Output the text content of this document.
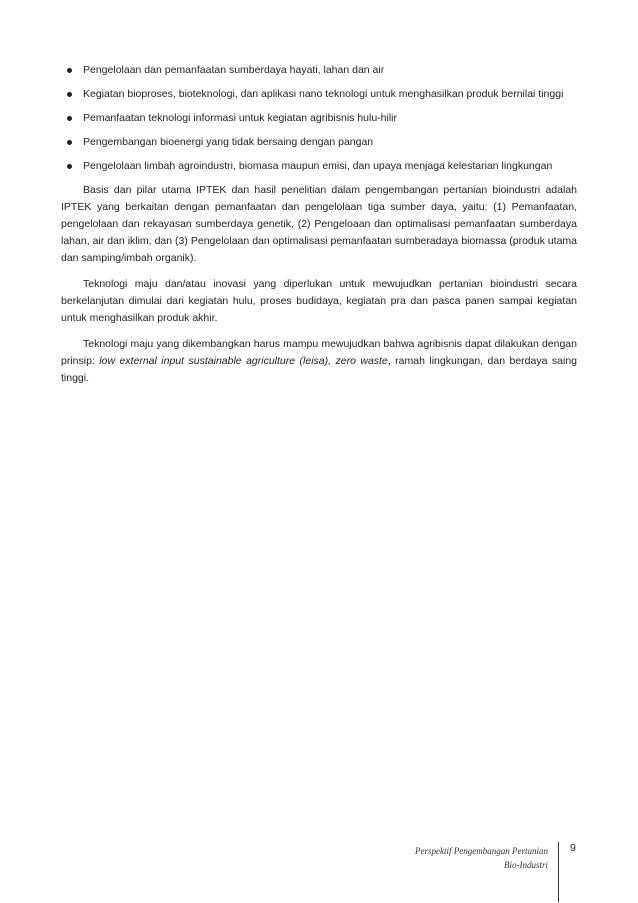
Pengelolaan dan pemanfaatan sumberdaya hayati, lahan dan air
Kegiatan bioproses, bioteknologi, dan aplikasi nano teknologi untuk menghasilkan produk bernilai tinggi
Pemanfaatan teknologi informasi untuk kegiatan agribisnis hulu-hilir
Pengembangan bioenergi yang tidak bersaing dengan pangan
Pengelolaan limbah agroindustri, biomasa maupun emisi, dan upaya menjaga kelestarian lingkungan

Basis dan pilar utama IPTEK dan hasil penelitian dalam pengembangan pertanian bioindustri adalah IPTEK yang berkaitan dengan pemanfaatan dan pengelolaan tiga sumber daya, yaitu: (1) Pemanfaatan, pengelolaan dan rekayasan sumberdaya genetik, (2) Pengeloaan dan optimalisasi pemanfaatan sumberdaya lahan, air dan iklim, dan (3) Pengelolaan dan optimalisasi pemanfaatan sumberadaya biomassa (produk utama dan samping/imbah organik).

Teknologi maju dan/atau inovasi yang diperlukan untuk mewujudkan pertanian bioindustri secara berkelanjutan dimulai dari kegiatan hulu, proses budidaya, kegiatan pra dan pasca panen sampai kegiatan untuk menghasilkan produk akhir.

Teknologi maju yang dikembangkan harus mampu mewujudkan bahwa agribisnis dapat dilakukan dengan prinsip: low external input sustainable agriculture (leisa), zero waste, ramah lingkungan, dan berdaya saing tinggi.

Perspektif Pengembangan Pertanian
Bio-Industri
9
